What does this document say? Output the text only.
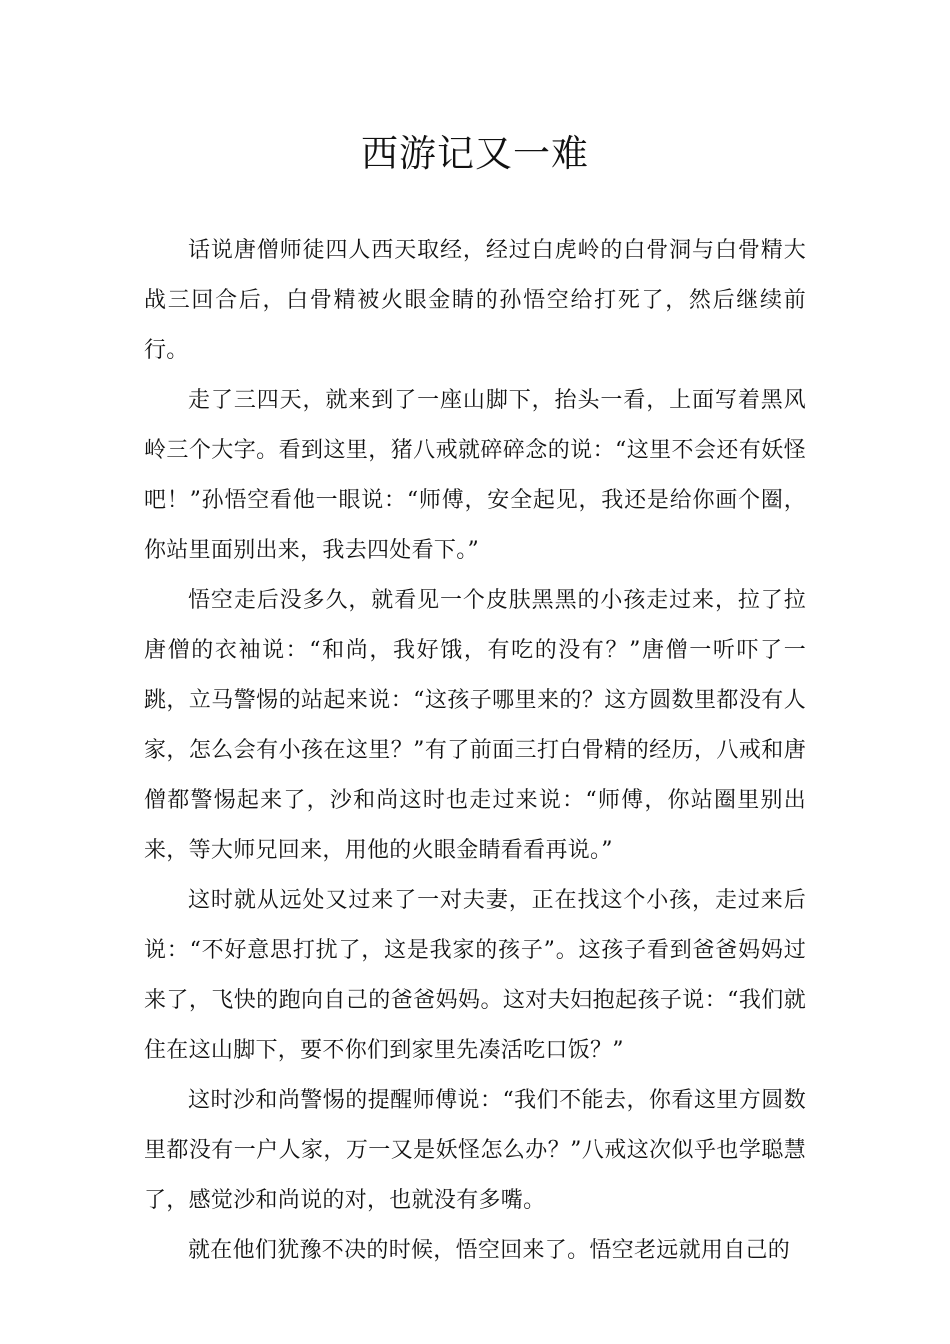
西游记又一难

话说唐僧师徒四人西天取经，经过白虎岭的白骨洞与白骨精大战三回合后，白骨精被火眼金睛的孙悟空给打死了，然后继续前行。

走了三四天，就来到了一座山脚下，抬头一看，上面写着黑风岭三个大字。看到这里，猪八戒就碎碎念的说：“这里不会还有妖怪吧！”孙悟空看他一眼说：“师傅，安全起见，我还是给你画个圈，你站里面别出来，我去四处看下。”

悟空走后没多久，就看见一个皮肤黑黑的小孩走过来，拉了拉唐僧的衣袖说：“和尚，我好饿，有吃的没有？”唐僧一听吓了一跳，立马警惕的站起来说：“这孩子哪里来的？这方圆数里都没有人家，怎么会有小孩在这里？”有了前面三打白骨精的经历，八戒和唐僧都警惕起来了，沙和尚这时也走过来说：“师傅，你站圈里别出来，等大师兄回来，用他的火眼金睛看看再说。”

这时就从远处又过来了一对夫妻，正在找这个小孩，走过来后说：“不好意思打扰了，这是我家的孩子”。这孩子看到爸爸妈妈过来了，飞快的跑向自己的爸爸妈妈。这对夫妇抱起孩子说：“我们就住在这山脚下，要不你们到家里先凑活吃口饭？”

这时沙和尚警惕的提醒师傅说：“我们不能去，你看这里方圆数里都没有一户人家，万一又是妖怪怎么办？”八戒这次似乎也学聪慧了，感觉沙和尚说的对，也就没有多嘴。

就在他们犹豫不决的时候，悟空回来了。悟空老远就用自己的
